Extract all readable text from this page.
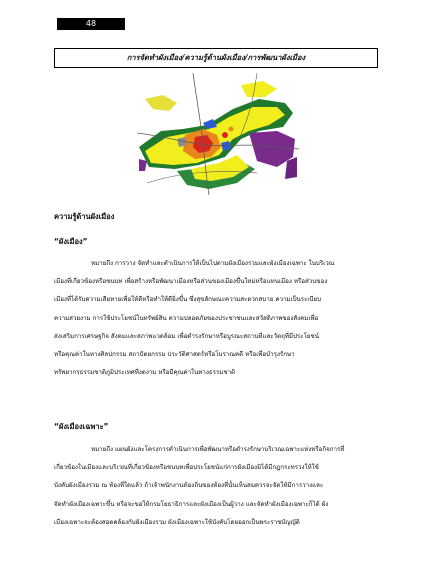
48
การจัดทำผังเมือง/ความรู้ด้านผังเมือง/การพัฒนาผังเมือง
ความรู้ด้านผังเมือง
“ผังเมือง”
หมายถึง การวาง จัดทำและดำเนินการให้เป็นไปตามผังเมืองรวมและผังเมืองเฉพาะ ในบริเวณ
เมืองที่เกี่ยวข้องหรือชนบท เพื่อสร้างหรือพัฒนาเมืองหรือส่วนของเมืองขึ้นใหม่หรือแทนเมือง หรือส่วนของ
เมืองที่ได้รับความเสียหายเพื่อให้ดีหรือทำให้ดียิ่งขึ้น ซึ่งสุขลักษณะความสะดวกสบาย ความเป็นระเบียบ
ความสวยงาม การใช้ประโยชน์ในทรัพย์สิน ความปลอดภัยของประชาชนและสวัสดิภาพของสังคมเพื่อ
ส่งเสริมการเศรษฐกิจ สังคมและสภาพแวดล้อม เพื่อดำรงรักษาหรือบูรณะสถานที่และวัตถุที่มีประโยชน์
หรือคุณค่าในทางศิลปกรรม สถาปัตยกรรม ประวัติศาสตร์หรือโบราณคดี หรือเพื่อบำรุงรักษา
ทรัพยากรธรรมชาติภูมิประเทศที่งดงาม หรือมีคุณค่าในทางธรรมชาติ
“ผังเมืองเฉพาะ”
หมายถึง แผนผังและโครงการดำเนินการเพื่อพัฒนาหรือดำรงรักษาบริเวณเฉพาะแห่งหรือกิจการที่
เกี่ยวข้องในเมืองและบริเวณที่เกี่ยวข้องหรือชนบทเพื่อประโยชน์แก่การผังเมืองมิได้มีกฎกระทรวงให้ใช้
บังคับผังเมืองรวม ณ ท้องที่ใดแล้ว ถ้าเจ้าพนักงานท้องถิ่นของท้องที่นั้นเห็นสมควรจะจัดให้มีการวางและ
จัดทำผังเมืองเฉพาะขึ้น หรือจะขอให้กรมโยธาธิการและผังเมืองเป็นผู้วาง และจัดทำผังเมืองเฉพาะก็ได้ ผัง
เมืองเฉพาะจะต้องสอดคล้องกับผังเมืองรวม ผังเมืองเฉพาะใช้บังคับโดยออกเป็นพระราชบัญญัติ
